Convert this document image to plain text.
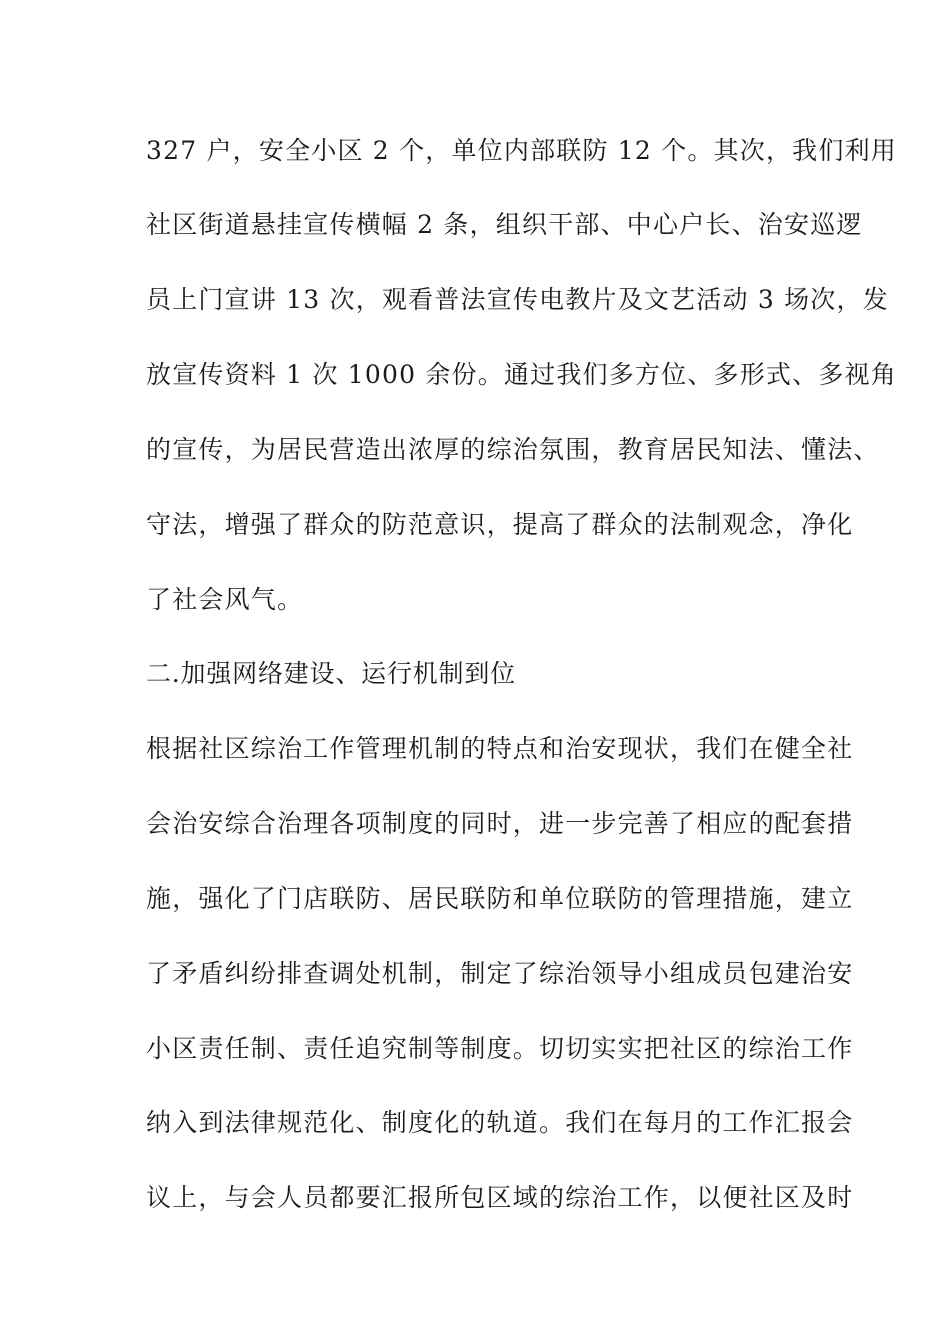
327 户，安全小区 2 个，单位内部联防 12 个。其次，我们利用
社区街道悬挂宣传横幅 2 条，组织干部、中心户长、治安巡逻
员上门宣讲 13 次，观看普法宣传电教片及文艺活动 3 场次，发
放宣传资料 1 次 1000 余份。通过我们多方位、多形式、多视角
的宣传，为居民营造出浓厚的综治氛围，教育居民知法、懂法、
守法，增强了群众的防范意识，提高了群众的法制观念，净化
了社会风气。
二.加强网络建设、运行机制到位
根据社区综治工作管理机制的特点和治安现状，我们在健全社
会治安综合治理各项制度的同时，进一步完善了相应的配套措
施，强化了门店联防、居民联防和单位联防的管理措施，建立
了矛盾纠纷排查调处机制，制定了综治领导小组成员包建治安
小区责任制、责任追究制等制度。切切实实把社区的综治工作
纳入到法律规范化、制度化的轨道。我们在每月的工作汇报会
议上，与会人员都要汇报所包区域的综治工作，以便社区及时
